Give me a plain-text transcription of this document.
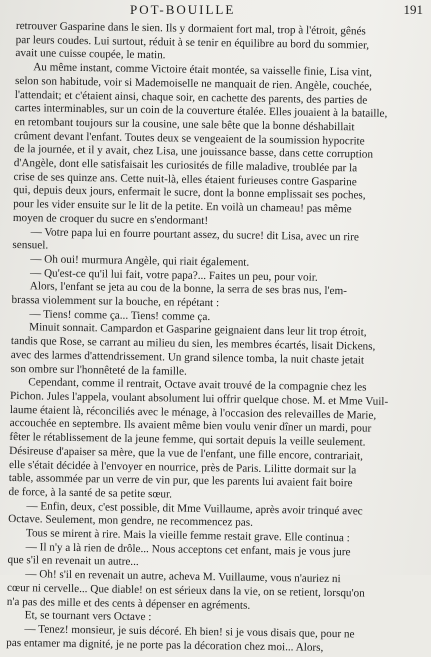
POT-BOUILLE	191
retrouver Gasparine dans le sien. Ils y dormaient fort mal, trop à l'étroit, gênés
par leurs coudes. Lui surtout, réduit à se tenir en équilibre au bord du sommier,
avait une cuisse coupée, le matin.
Au même instant, comme Victoire était montée, sa vaisselle finie, Lisa vint,
selon son habitude, voir si Mademoiselle ne manquait de rien. Angèle, couchée,
l'attendait; et c'étaient ainsi, chaque soir, en cachette des parents, des parties de
cartes interminables, sur un coin de la couverture étalée. Elles jouaient à la bataille,
en retombant toujours sur la cousine, une sale bête que la bonne déshabillait
crûment devant l'enfant. Toutes deux se vengeaient de la soumission hypocrite
de la journée, et il y avait, chez Lisa, une jouissance basse, dans cette corruption
d'Angèle, dont elle satisfaisait les curiosités de fille maladive, troublée par la
crise de ses quinze ans. Cette nuit-là, elles étaient furieuses contre Gasparine
qui, depuis deux jours, enfermait le sucre, dont la bonne emplissait ses poches,
pour les vider ensuite sur le lit de la petite. En voilà un chameau! pas même
moyen de croquer du sucre en s'endormant!
— Votre papa lui en fourre pourtant assez, du sucre! dit Lisa, avec un rire
sensuel.
— Oh oui! murmura Angèle, qui riait également.
— Qu'est-ce qu'il lui fait, votre papa?... Faites un peu, pour voir.
Alors, l'enfant se jeta au cou de la bonne, la serra de ses bras nus, l'em-
brassa violemment sur la bouche, en répétant :
— Tiens! comme ça... Tiens! comme ça.
Minuit sonnait. Campardon et Gasparine geignaient dans leur lit trop étroit,
tandis que Rose, se carrant au milieu du sien, les membres écartés, lisait Dickens,
avec des larmes d'attendrissement. Un grand silence tomba, la nuit chaste jetait
son ombre sur l'honnêteté de la famille.
Cependant, comme il rentrait, Octave avait trouvé de la compagnie chez les
Pichon. Jules l'appela, voulant absolument lui offrir quelque chose. M. et Mme Vuil-
laume étaient là, réconciliés avec le ménage, à l'occasion des relevailles de Marie,
accouchée en septembre. Ils avaient même bien voulu venir dîner un mardi, pour
fêter le rétablissement de la jeune femme, qui sortait depuis la veille seulement.
Désireuse d'apaiser sa mère, que la vue de l'enfant, une fille encore, contrariait,
elle s'était décidée à l'envoyer en nourrice, près de Paris. Lilitte dormait sur la
table, assommée par un verre de vin pur, que les parents lui avaient fait boire
de force, à la santé de sa petite sœur.
— Enfin, deux, c'est possible, dit Mme Vuillaume, après avoir trinqué avec
Octave. Seulement, mon gendre, ne recommencez pas.
Tous se mirent à rire. Mais la vieille femme restait grave. Elle continua :
— Il n'y a là rien de drôle... Nous acceptons cet enfant, mais je vous jure
que s'il en revenait un autre...
— Oh! s'il en revenait un autre, acheva M. Vuillaume, vous n'auriez ni
cœur ni cervelle... Que diable! on est sérieux dans la vie, on se retient, lorsqu'on
n'a pas des mille et des cents à dépenser en agréments.
Et, se tournant vers Octave :
— Tenez! monsieur, je suis décoré. Eh bien! si je vous disais que, pour ne
pas entamer ma dignité, je ne porte pas la décoration chez moi... Alors,
